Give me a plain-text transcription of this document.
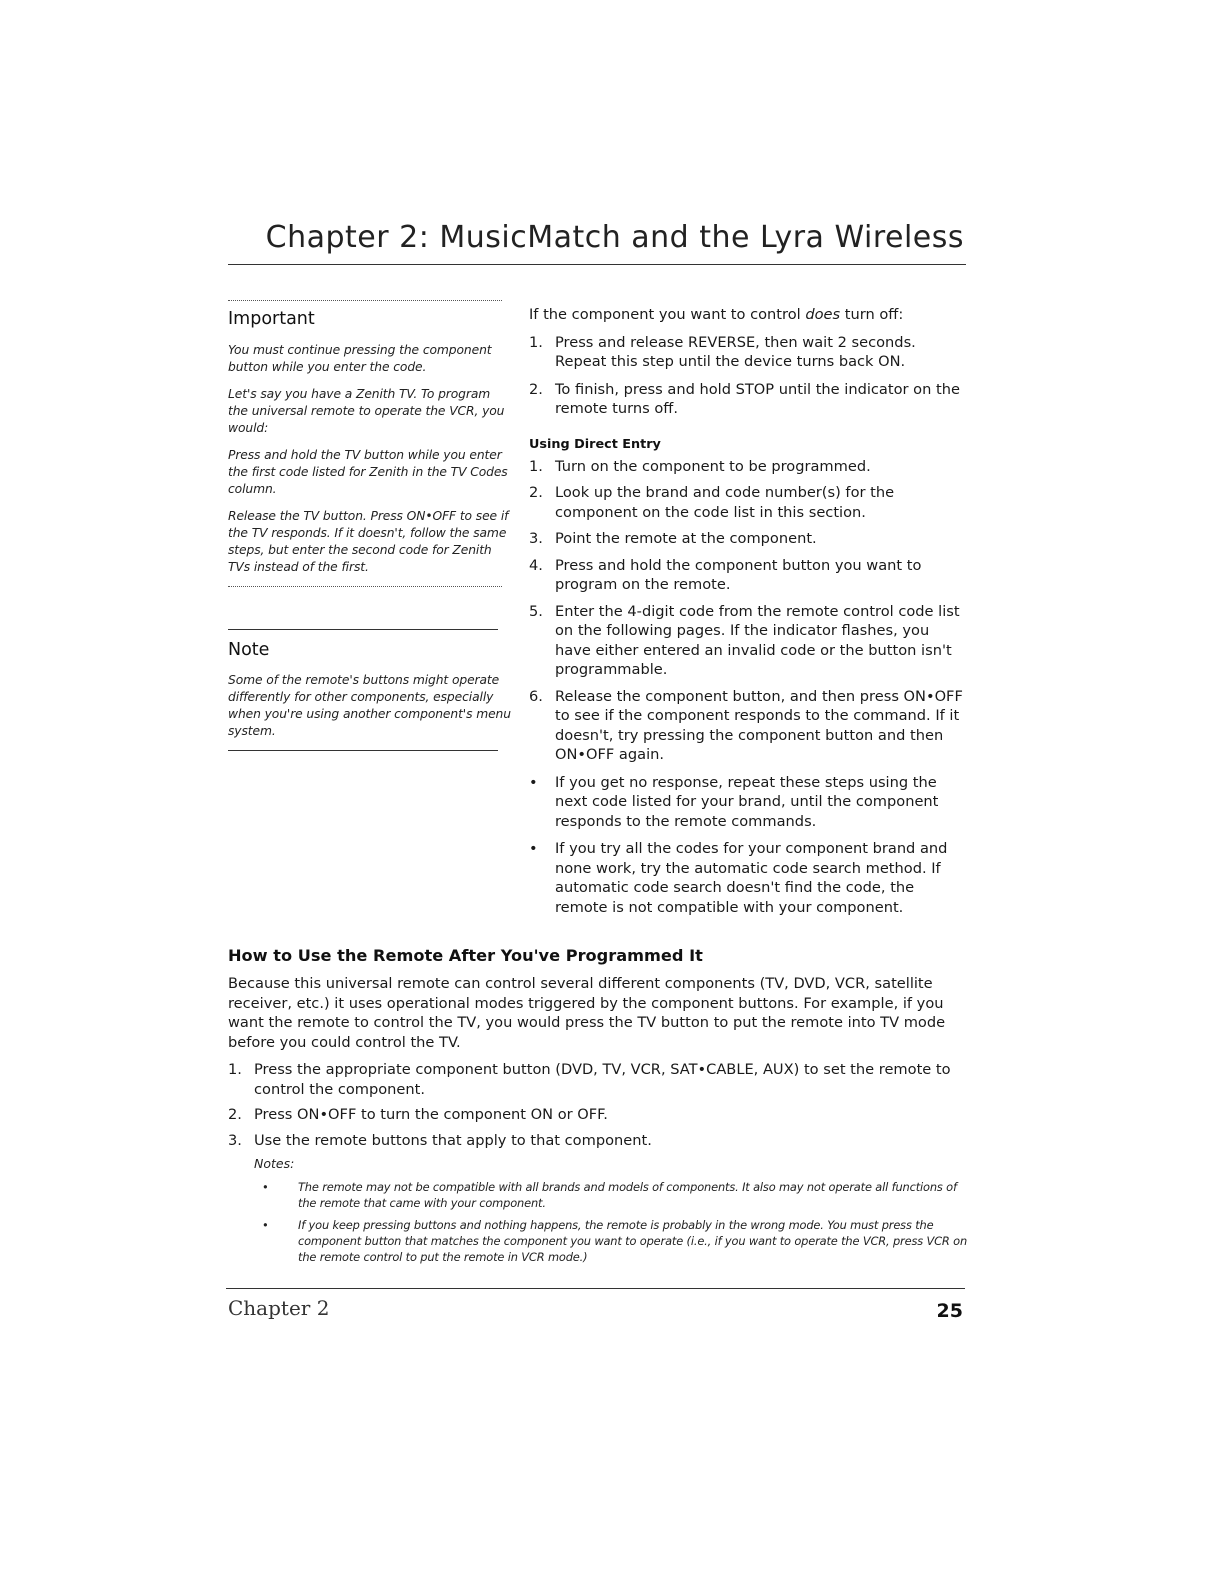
Chapter 2: MusicMatch and the Lyra Wireless
Important

You must continue pressing the component button while you enter the code.

Let's say you have a Zenith TV. To program the universal remote to operate the VCR, you would:

Press and hold the TV button while you enter the first code listed for Zenith in the TV Codes column.

Release the TV button. Press ON•OFF to see if the TV responds. If it doesn't, follow the same steps, but enter the second code for Zenith TVs instead of the first.

Note

Some of the remote's buttons might operate differently for other components, especially when you're using another component's menu system.

If the component you want to control does turn off:

1. Press and release REVERSE, then wait 2 seconds. Repeat this step until the device turns back ON.
2. To finish, press and hold STOP until the indicator on the remote turns off.
Using Direct Entry
1. Turn on the component to be programmed.
2. Look up the brand and code number(s) for the component on the code list in this section.
3. Point the remote at the component.
4. Press and hold the component button you want to program on the remote.
5. Enter the 4-digit code from the remote control code list on the following pages. If the indicator flashes, you have either entered an invalid code or the button isn't programmable.
6. Release the component button, and then press ON•OFF to see if the component responds to the command. If it doesn't, try pressing the component button and then ON•OFF again.
• If you get no response, repeat these steps using the next code listed for your brand, until the component responds to the remote commands.
• If you try all the codes for your component brand and none work, try the automatic code search method. If automatic code search doesn't find the code, the remote is not compatible with your component.
How to Use the Remote After You've Programmed It

Because this universal remote can control several different components (TV, DVD, VCR, satellite receiver, etc.) it uses operational modes triggered by the component buttons. For example, if you want the remote to control the TV, you would press the TV button to put the remote into TV mode before you could control the TV.

1. Press the appropriate component button (DVD, TV, VCR, SAT•CABLE, AUX) to set the remote to control the component.
2. Press ON•OFF to turn the component ON or OFF.
3. Use the remote buttons that apply to that component.

Notes:

•	The remote may not be compatible with all brands and models of components. It also may not operate all functions of the remote that came with your component.
•	If you keep pressing buttons and nothing happens, the remote is probably in the wrong mode. You must press the component button that matches the component you want to operate (i.e., if you want to operate the VCR, press VCR on the remote control to put the remote in VCR mode.)

Chapter 2	25
